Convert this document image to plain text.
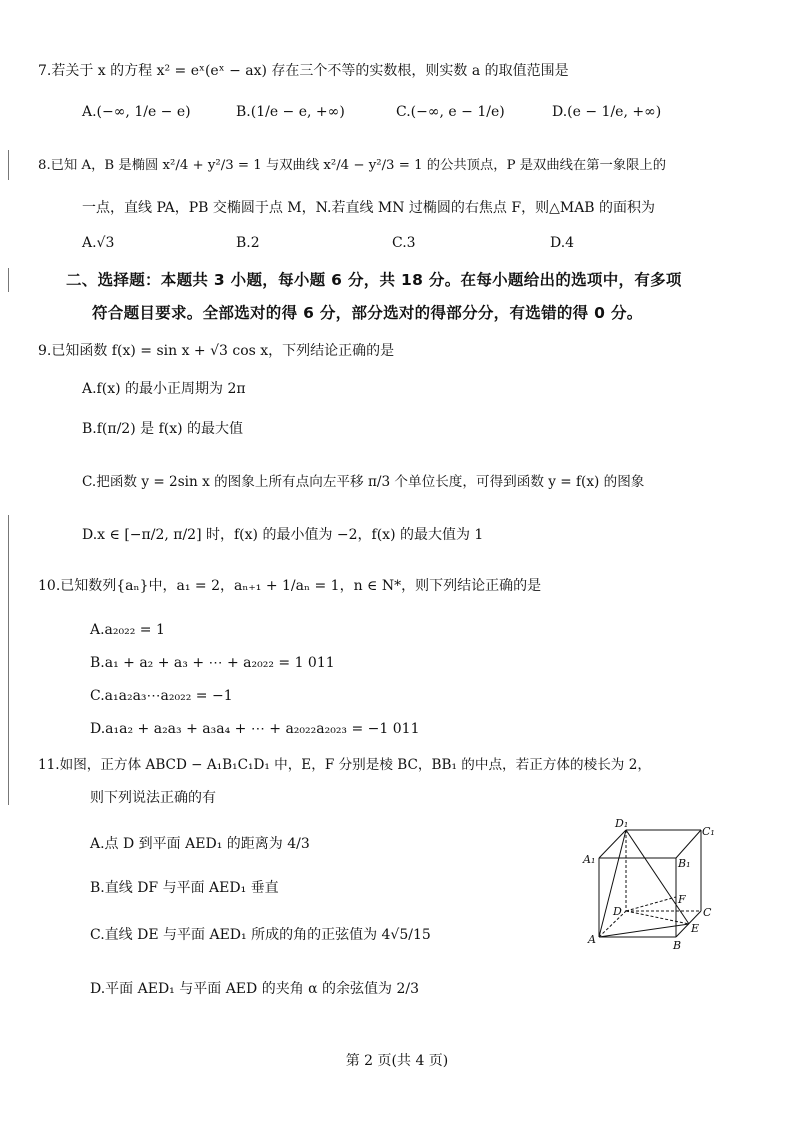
7.若关于 x 的方程 x² = eˣ(eˣ − ax) 存在三个不等的实数根，则实数 a 的取值范围是
A.(−∞, 1/e − e)	B.(1/e − e, +∞)	C.(−∞, e − 1/e)	D.(e − 1/e, +∞)
8.已知 A，B 是椭圆 x²/4 + y²/3 = 1 与双曲线 x²/4 − y²/3 = 1 的公共顶点，P 是双曲线在第一象限上的
一点，直线 PA，PB 交椭圆于点 M，N.若直线 MN 过椭圆的右焦点 F，则△MAB 的面积为
A.√3	B.2	C.3	D.4
二、选择题：本题共 3 小题，每小题 6 分，共 18 分。在每小题给出的选项中，有多项
符合题目要求。全部选对的得 6 分，部分选对的得部分分，有选错的得 0 分。
9.已知函数 f(x) = sin x + √3 cos x，下列结论正确的是
A.f(x) 的最小正周期为 2π
B.f(π/2) 是 f(x) 的最大值
C.把函数 y = 2sin x 的图象上所有点向左平移 π/3 个单位长度，可得到函数 y = f(x) 的图象
D.x ∈ [−π/2, π/2] 时，f(x) 的最小值为 −2，f(x) 的最大值为 1
10.已知数列{aₙ}中，a₁ = 2，aₙ₊₁ + 1/aₙ = 1，n ∈ N*，则下列结论正确的是
A.a₂₀₂₂ = 1
B.a₁ + a₂ + a₃ + ⋯ + a₂₀₂₂ = 1 011
C.a₁a₂a₃⋯a₂₀₂₂ = −1
D.a₁a₂ + a₂a₃ + a₃a₄ + ⋯ + a₂₀₂₂a₂₀₂₃ = −1 011
11.如图，正方体 ABCD − A₁B₁C₁D₁ 中，E，F 分别是棱 BC，BB₁ 的中点，若正方体的棱长为 2，
则下列说法正确的有
A.点 D 到平面 AED₁ 的距离为 4/3
B.直线 DF 与平面 AED₁ 垂直
C.直线 DE 与平面 AED₁ 所成的角的正弦值为 4√5/15
D.平面 AED₁ 与平面 AED 的夹角 α 的余弦值为 2/3
D₁
C₁
A₁	B₁
F
D	C
A
E
B
第 2 页(共 4 页)
